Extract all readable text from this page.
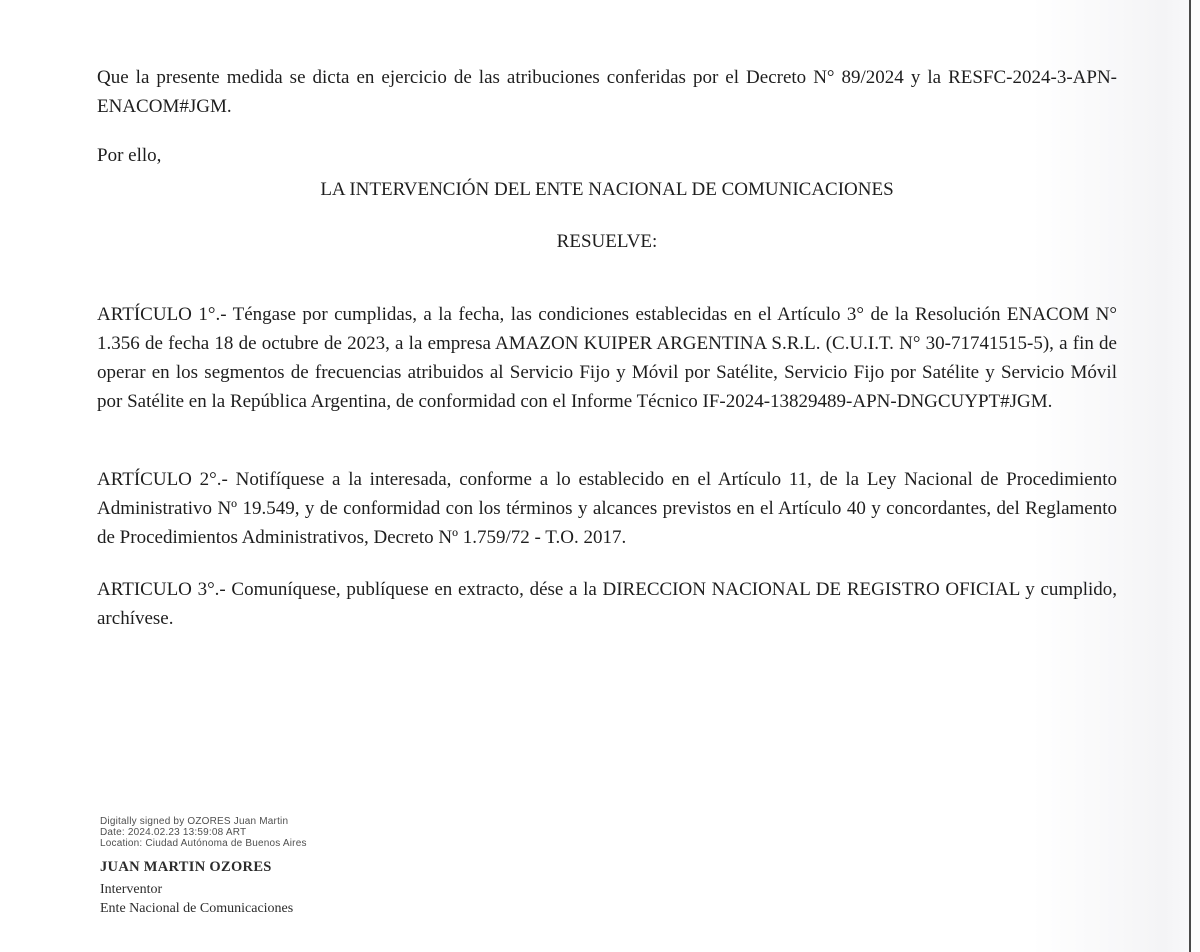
Que la presente medida se dicta en ejercicio de las atribuciones conferidas por el Decreto N° 89/2024 y la RESFC-2024-3-APN-ENACOM#JGM.

Por ello,

LA INTERVENCIÓN DEL ENTE NACIONAL DE COMUNICACIONES
RESUELVE:

ARTÍCULO 1°.- Téngase por cumplidas, a la fecha, las condiciones establecidas en el Artículo 3° de la Resolución ENACOM N° 1.356 de fecha 18 de octubre de 2023, a la empresa AMAZON KUIPER ARGENTINA S.R.L. (C.U.I.T. N° 30-71741515-5), a fin de operar en los segmentos de frecuencias atribuidos al Servicio Fijo y Móvil por Satélite, Servicio Fijo por Satélite y Servicio Móvil por Satélite en la República Argentina, de conformidad con el Informe Técnico IF-2024-13829489-APN-DNGCUYPT#JGM.

ARTÍCULO 2°.- Notifíquese a la interesada, conforme a lo establecido en el Artículo 11, de la Ley Nacional de Procedimiento Administrativo Nº 19.549, y de conformidad con los términos y alcances previstos en el Artículo 40 y concordantes, del Reglamento de Procedimientos Administrativos, Decreto Nº 1.759/72 - T.O. 2017.

ARTICULO 3°.- Comuníquese, publíquese en extracto, dése a la DIRECCION NACIONAL DE REGISTRO OFICIAL y cumplido, archívese.

Digitally signed by OZORES Juan Martin
Date: 2024.02.23 13:59:08 ART
Location: Ciudad Autónoma de Buenos Aires
JUAN MARTIN OZORES
Interventor
Ente Nacional de Comunicaciones
